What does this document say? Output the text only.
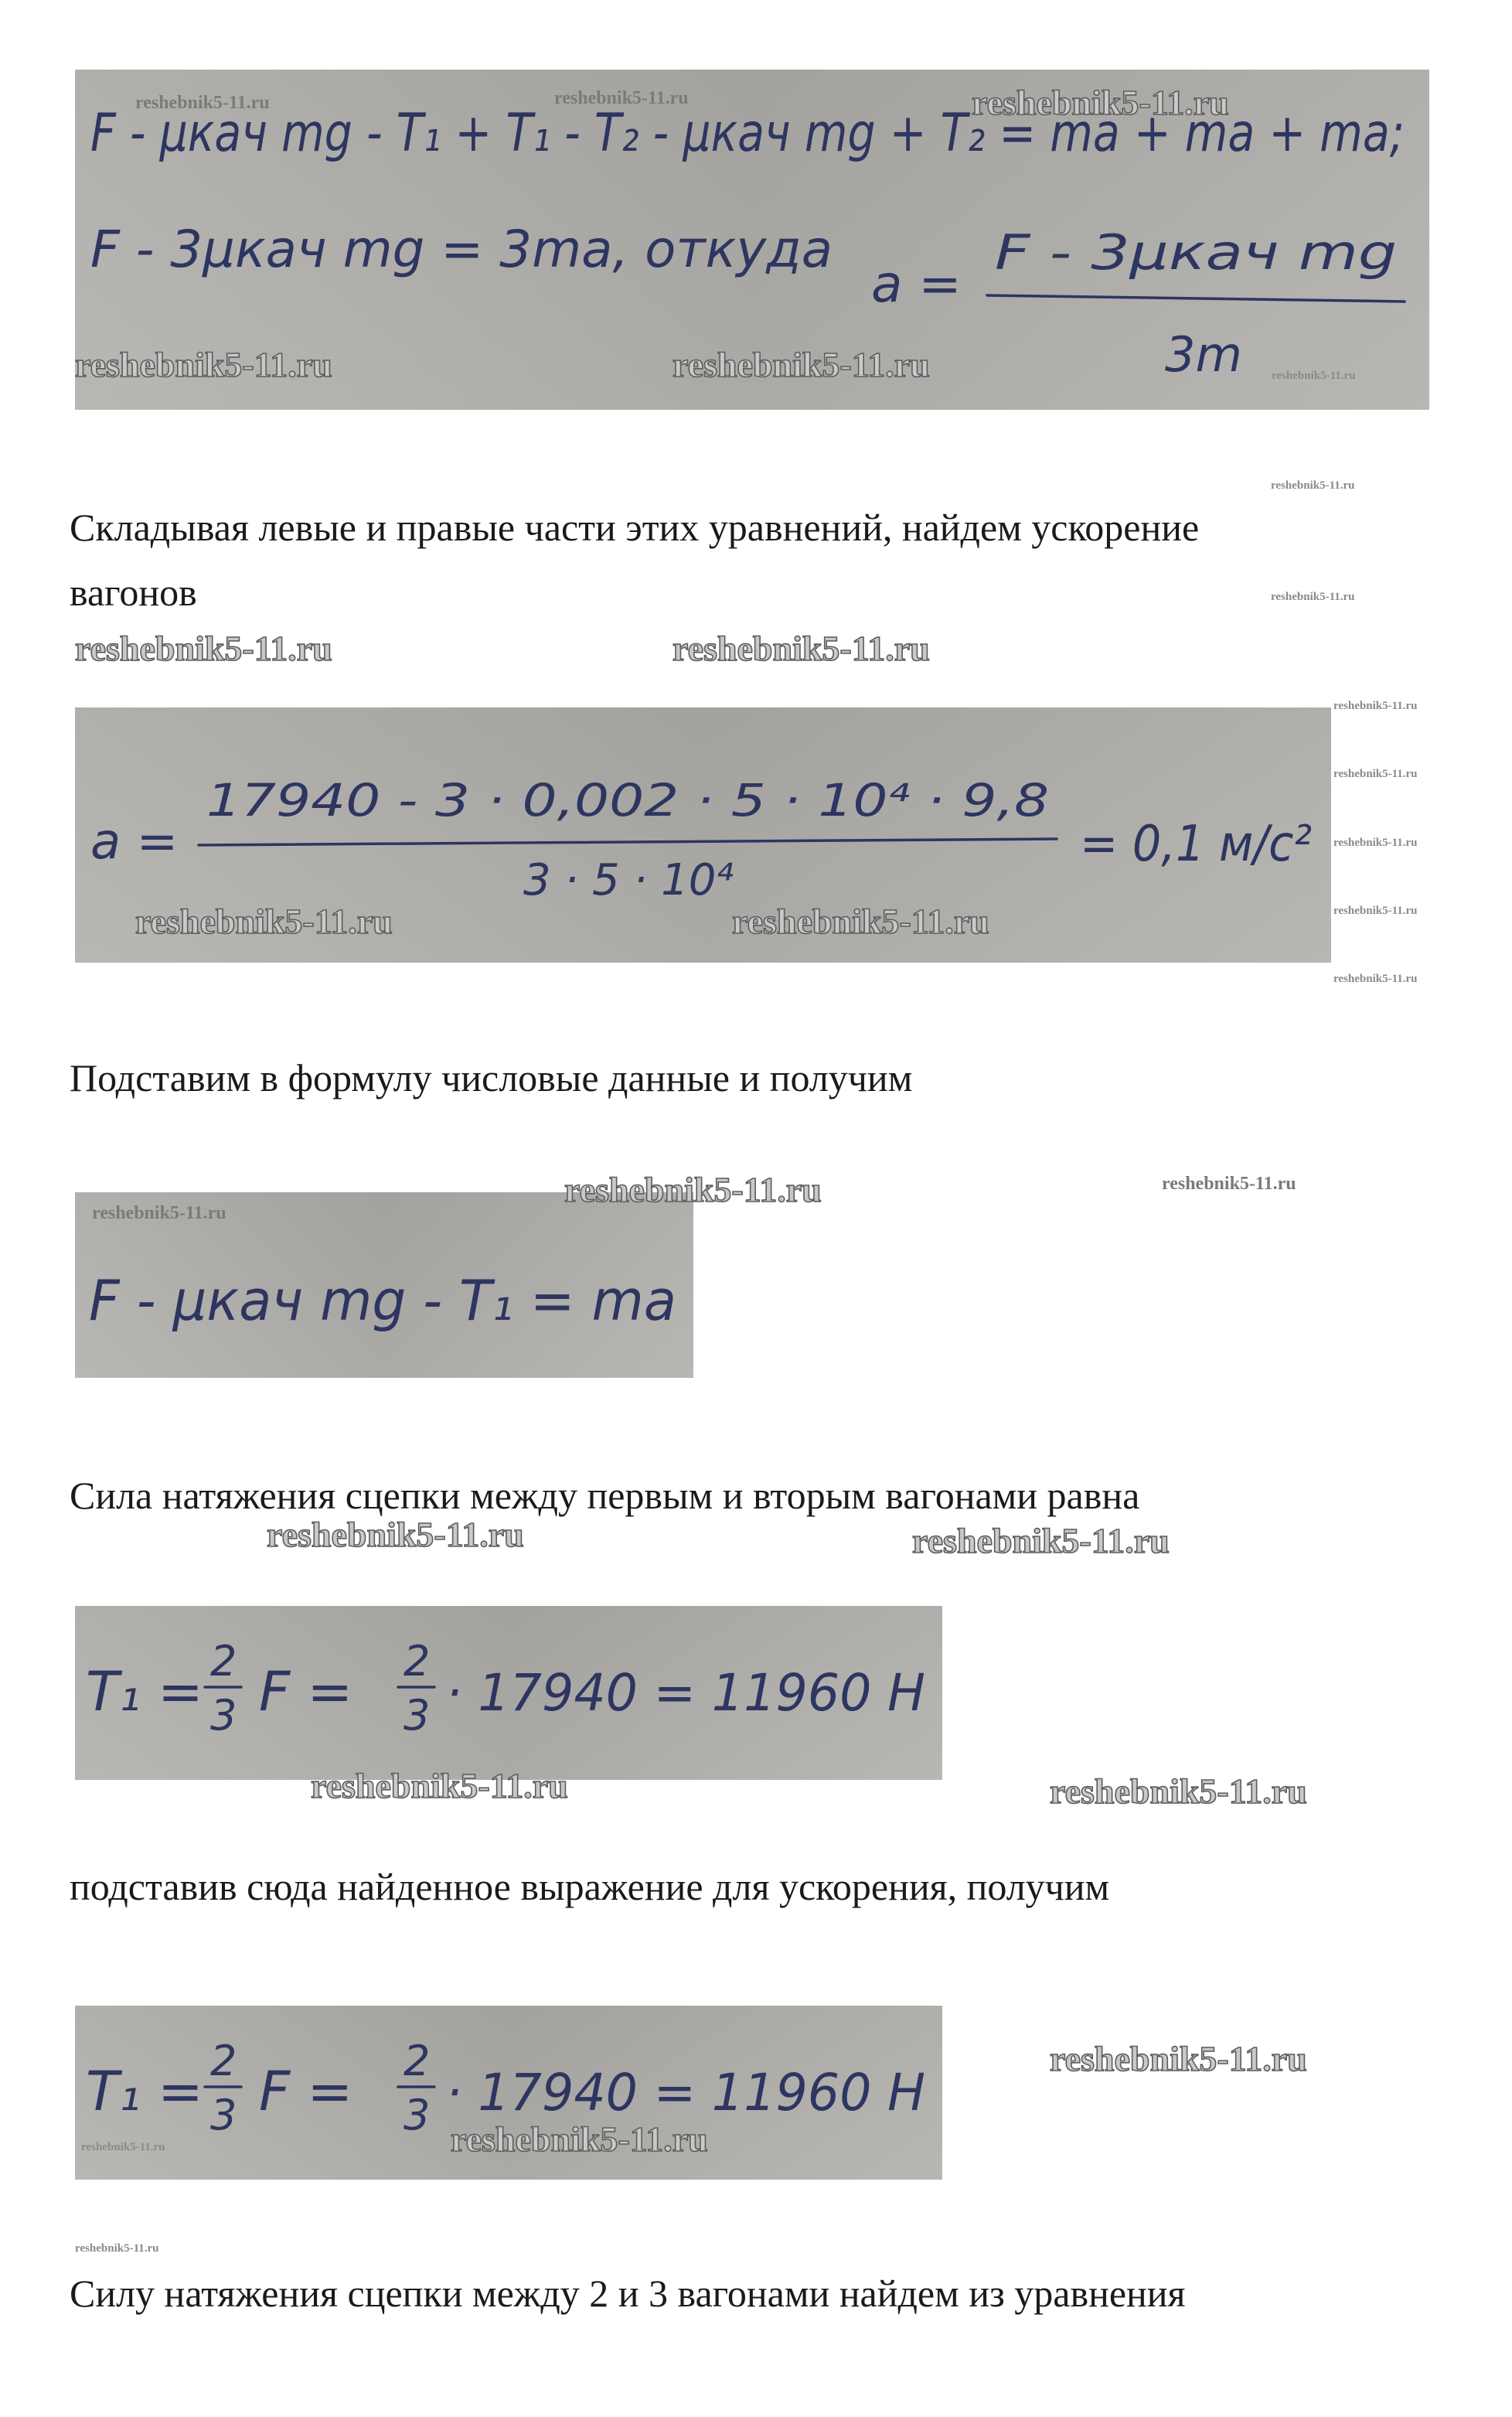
F - μкач mg - T₁ + T₁ - T₂ - μкач mg + T₂ = ma + ma + ma;
F - 3μкач mg = 3ma, откуда
a =
F - 3μкач mg
3m
reshebnik5-11.ru	reshebnik5-11.ru	reshebnik5-11.ru
reshebnik5-11.ru	reshebnik5-11.ru	reshebnik5-11.ru
reshebnik5-11.ru
Складывая левые и правые части этих уравнений, найдем ускорение
вагонов	reshebnik5-11.ru
reshebnik5-11.ru	reshebnik5-11.ru
a =
17940 - 3 · 0,002 · 5 · 10⁴ · 9,8
3 · 5 · 10⁴
= 0,1 м/с²
reshebnik5-11.ru	reshebnik5-11.ru
reshebnik5-11.ru
reshebnik5-11.ru
reshebnik5-11.ru
reshebnik5-11.ru
reshebnik5-11.ru
Подставим в формулу числовые данные и получим
F - μкач mg - T₁ = ma
reshebnik5-11.ru
reshebnik5-11.ru	reshebnik5-11.ru
Сила натяжения сцепки между первым и вторым вагонами равна
reshebnik5-11.ru	reshebnik5-11.ru
T₁ = 2
3 F = 2
3 · 17940 = 11960 Н
reshebnik5-11.ru	reshebnik5-11.ru
подставив сюда найденное выражение для ускорения, получим
T₁ = 2
3 F = 2
3 · 17940 = 11960 Н
reshebnik5-11.ru	reshebnik5-11.ru
reshebnik5-11.ru
reshebnik5-11.ru
Силу натяжения сцепки между 2 и 3 вагонами найдем из уравнения
